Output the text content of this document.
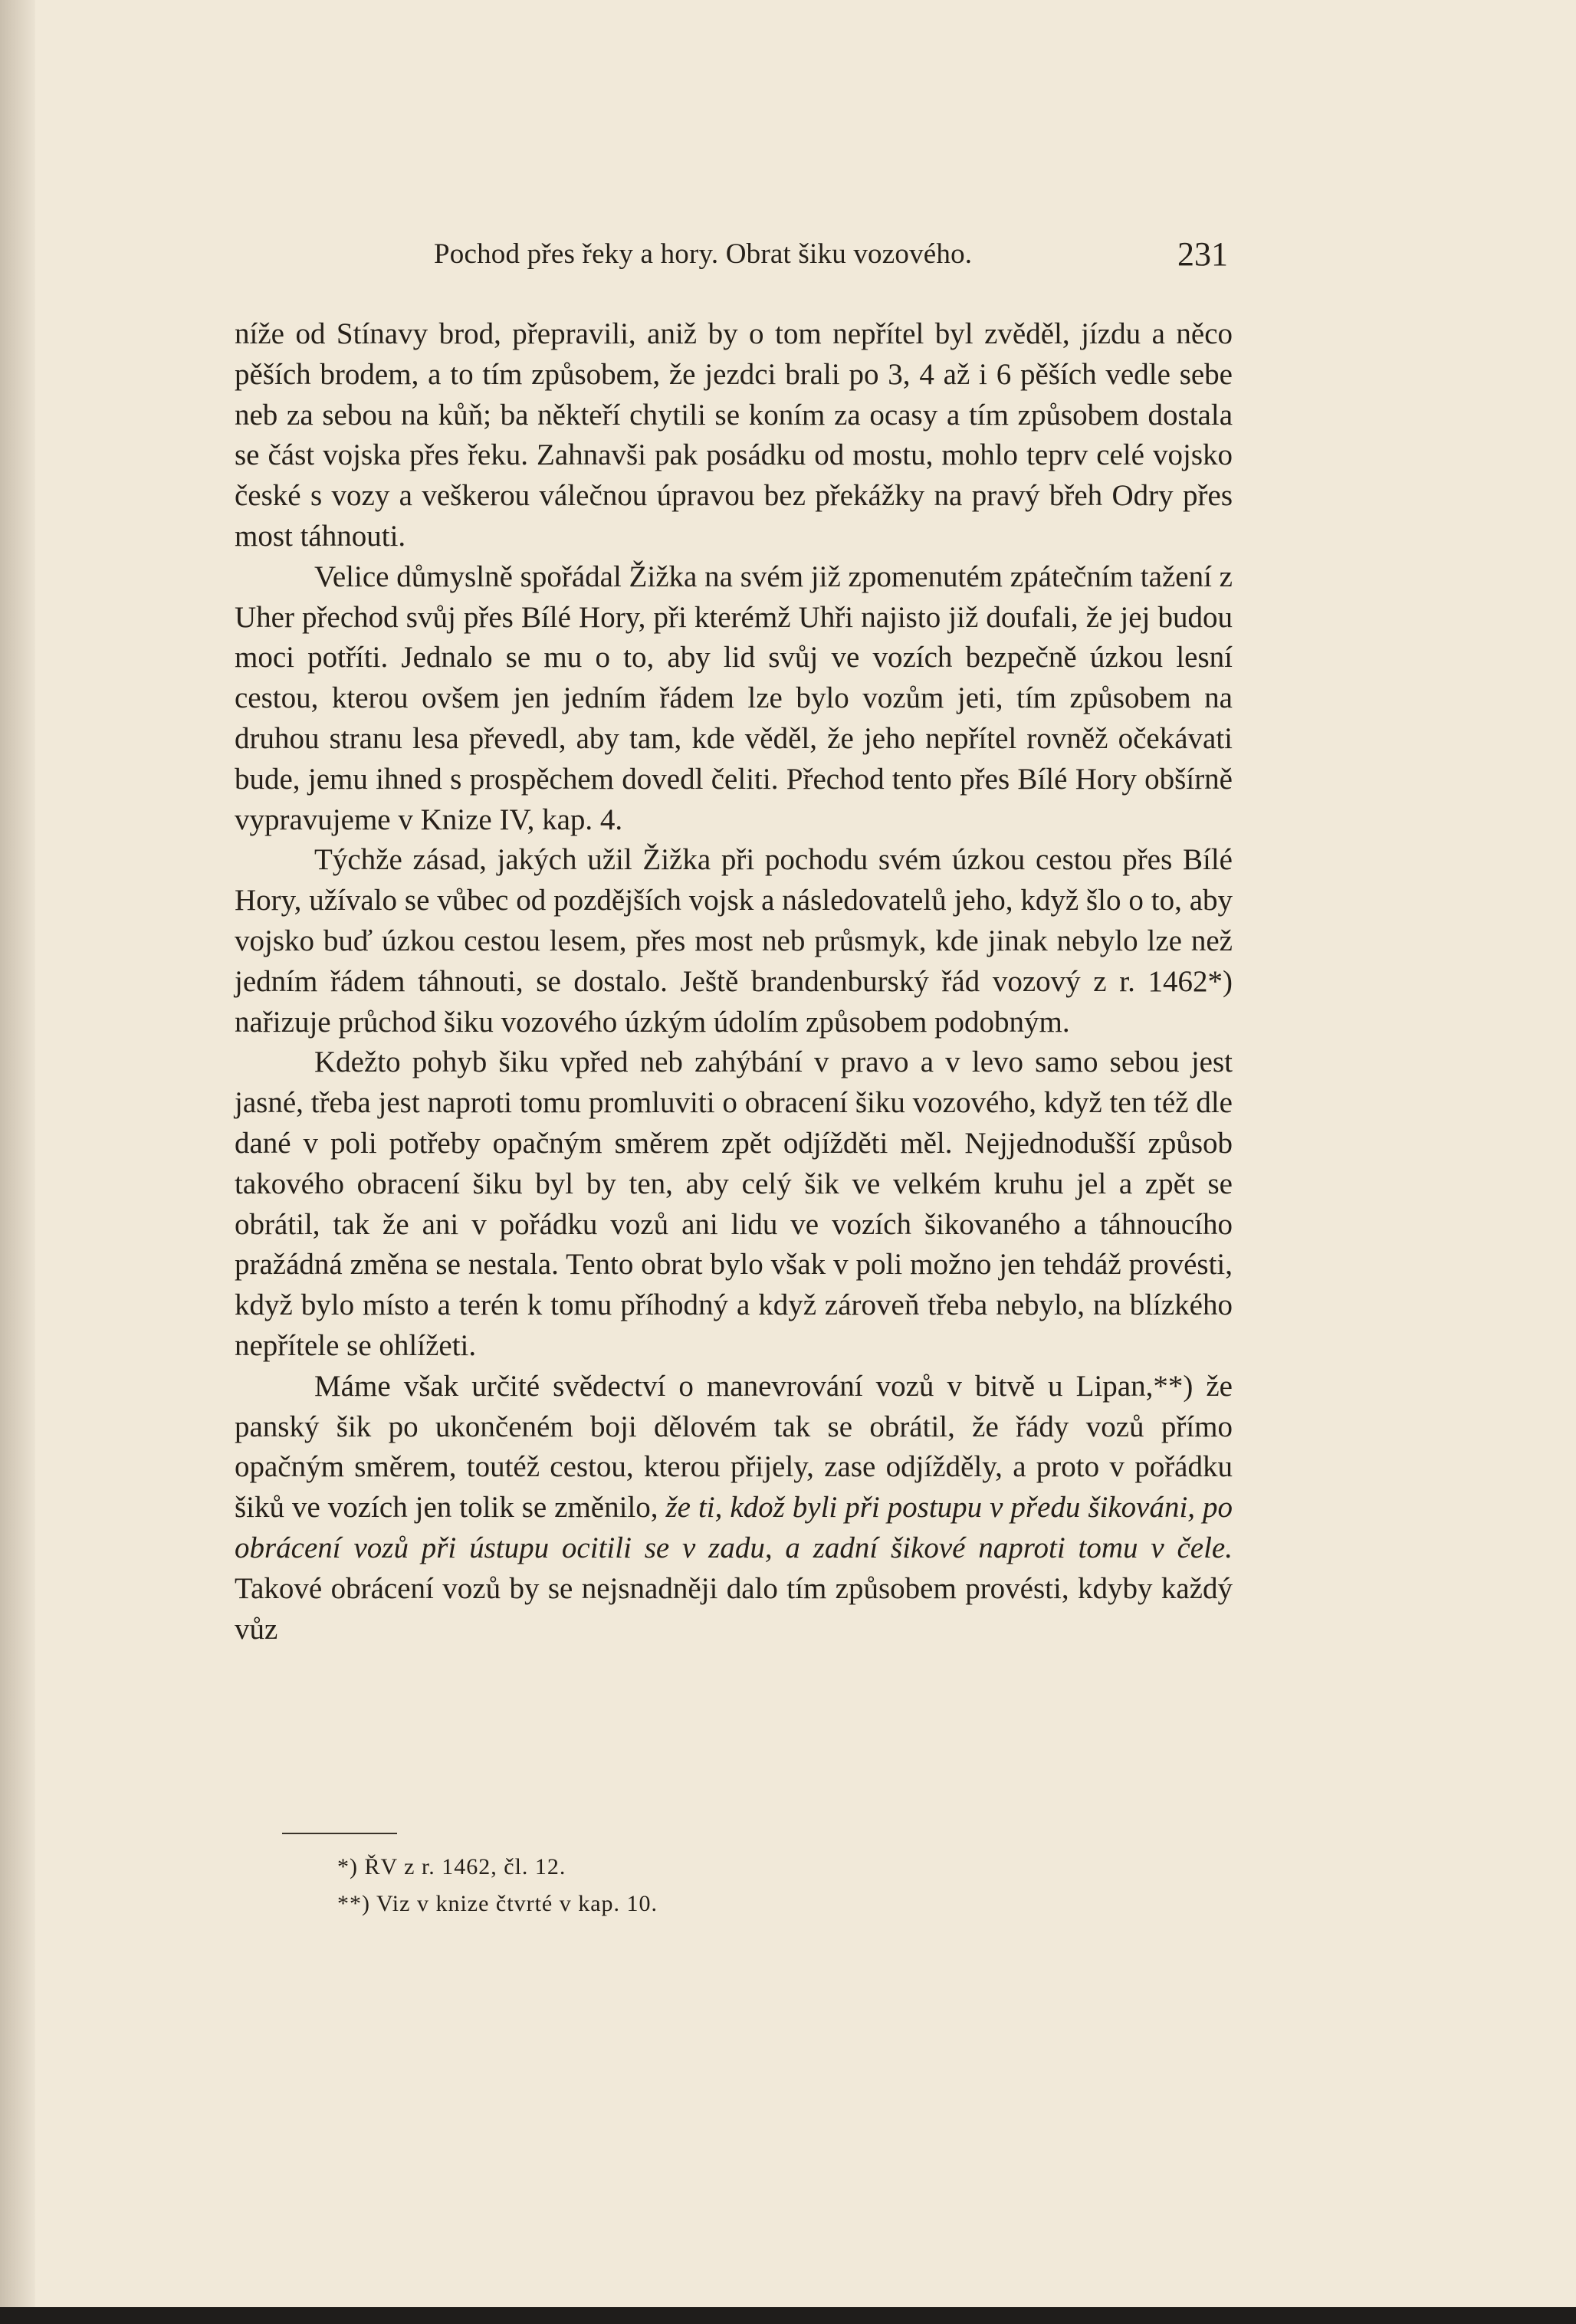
Pochod přes řeky a hory. Obrat šiku vozového.	231

níže od Stínavy brod, přepravili, aniž by o tom nepřítel byl zvěděl, jízdu a něco pěších brodem, a to tím způsobem, že jezdci brali po 3, 4 až i 6 pěších vedle sebe neb za sebou na kůň; ba někteří chytili se koním za ocasy a tím způsobem dostala se část vojska přes řeku. Zahnavši pak posádku od mostu, mohlo teprv celé vojsko české s vozy a veškerou válečnou úpravou bez překážky na pravý břeh Odry přes most táhnouti.

Velice důmyslně spořádal Žižka na svém již zpomenutém zpátečním tažení z Uher přechod svůj přes Bílé Hory, při kterémž Uhři najisto již doufali, že jej budou moci potříti. Jednalo se mu o to, aby lid svůj ve vozích bezpečně úzkou lesní cestou, kterou ovšem jen jedním řádem lze bylo vozům jeti, tím způsobem na druhou stranu lesa převedl, aby tam, kde věděl, že jeho nepřítel rovněž očekávati bude, jemu ihned s prospěchem dovedl čeliti. Přechod tento přes Bílé Hory obšírně vypravujeme v Knize IV, kap. 4.

Týchže zásad, jakých užil Žižka při pochodu svém úzkou cestou přes Bílé Hory, užívalo se vůbec od pozdějších vojsk a následovatelů jeho, když šlo o to, aby vojsko buď úzkou cestou lesem, přes most neb průsmyk, kde jinak nebylo lze než jedním řádem táhnouti, se dostalo. Ještě brandenburský řád vozový z r. 1462*) nařizuje průchod šiku vozového úzkým údolím způsobem podobným.

Kdežto pohyb šiku vpřed neb zahýbání v pravo a v levo samo sebou jest jasné, třeba jest naproti tomu promluviti o obracení šiku vozového, když ten též dle dané v poli potřeby opačným směrem zpět odjížděti měl. Nejjednodušší způsob takového obracení šiku byl by ten, aby celý šik ve velkém kruhu jel a zpět se obrátil, tak že ani v pořádku vozů ani lidu ve vozích šikovaného a táhnoucího pražádná změna se nestala. Tento obrat bylo však v poli možno jen tehdáž provésti, když bylo místo a terén k tomu příhodný a když zároveň třeba nebylo, na blízkého nepřítele se ohlížeti.

Máme však určité svědectví o manevrování vozů v bitvě u Lipan,**) že panský šik po ukončeném boji dělovém tak se obrátil, že řády vozů přímo opačným směrem, toutéž cestou, kterou přijely, zase odjížděly, a proto v pořádku šiků ve vozích jen tolik se změnilo, že ti, kdož byli při postupu v předu šikováni, po obrácení vozů při ústupu ocitili se v zadu, a zadní šikové naproti tomu v čele. Takové obrácení vozů by se nejsnadněji dalo tím způsobem provésti, kdyby každý vůz

*) ŘV z r. 1462, čl. 12.
**) Viz v knize čtvrté v kap. 10.
